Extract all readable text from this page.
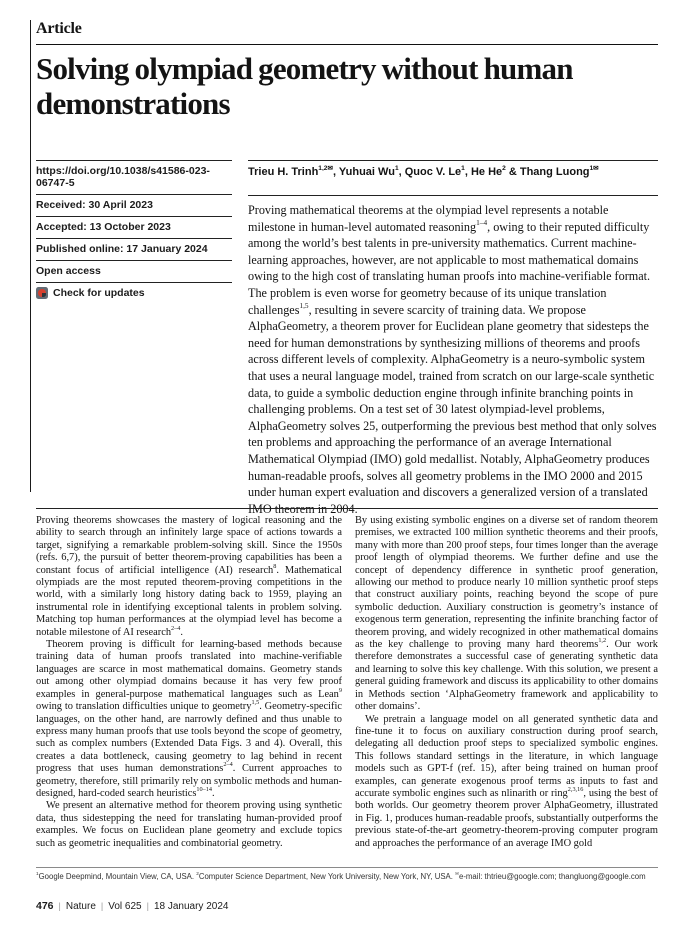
Article
Solving olympiad geometry without human demonstrations
https://doi.org/10.1038/s41586-023-06747-5
Received: 30 April 2023
Accepted: 13 October 2023
Published online: 17 January 2024
Open access
Check for updates
Trieu H. Trinh$^{1,2✉}$, Yuhuai Wu$^1$, Quoc V. Le$^1$, He He$^2$ & Thang Luong$^{1✉}$
Proving mathematical theorems at the olympiad level represents a notable milestone in human-level automated reasoning$^{1-4}$, owing to their reputed difficulty among the world’s best talents in pre-university mathematics. Current machine-learning approaches, however, are not applicable to most mathematical domains owing to the high cost of translating human proofs into machine-verifiable format. The problem is even worse for geometry because of its unique translation challenges$^{1,5}$, resulting in severe scarcity of training data. We propose AlphaGeometry, a theorem prover for Euclidean plane geometry that sidesteps the need for human demonstrations by synthesizing millions of theorems and proofs across different levels of complexity. AlphaGeometry is a neuro-symbolic system that uses a neural language model, trained from scratch on our large-scale synthetic data, to guide a symbolic deduction engine through infinite branching points in challenging problems. On a test set of 30 latest olympiad-level problems, AlphaGeometry solves 25, outperforming the previous best method that only solves ten problems and approaching the performance of an average International Mathematical Olympiad (IMO) gold medallist. Notably, AlphaGeometry produces human-readable proofs, solves all geometry problems in the IMO 2000 and 2015 under human expert evaluation and discovers a generalized version of a translated IMO theorem in 2004.

Proving theorems showcases the mastery of logical reasoning and the ability to search through an infinitely large space of actions towards a target, signifying a remarkable problem-solving skill. Since the 1950s (refs. 6,7), the pursuit of better theorem-proving capabilities has been a constant focus of artificial intelligence (AI) research$^8$. Mathematical olympiads are the most reputed theorem-proving competitions in the world, with a similarly long history dating back to 1959, playing an instrumental role in identifying exceptional talents in problem solving. Matching top human performances at the olympiad level has become a notable milestone of AI research$^{2-4}$.

Theorem proving is difficult for learning-based methods because training data of human proofs translated into machine-verifiable languages are scarce in most mathematical domains. Geometry stands out among other olympiad domains because it has very few proof examples in general-purpose mathematical languages such as Lean$^9$ owing to translation difficulties unique to geometry$^{1,5}$. Geometry-specific languages, on the other hand, are narrowly defined and thus unable to express many human proofs that use tools beyond the scope of geometry, such as complex numbers (Extended Data Figs. 3 and 4). Overall, this creates a data bottleneck, causing geometry to lag behind in recent progress that uses human demonstrations$^{2-4}$. Current approaches to geometry, therefore, still primarily rely on symbolic methods and human-designed, hard-coded search heuristics$^{10-14}$.

We present an alternative method for theorem proving using synthetic data, thus sidestepping the need for translating human-provided proof examples. We focus on Euclidean plane geometry and exclude topics such as geometric inequalities and combinatorial geometry.

By using existing symbolic engines on a diverse set of random theorem premises, we extracted 100 million synthetic theorems and their proofs, many with more than 200 proof steps, four times longer than the average proof length of olympiad theorems. We further define and use the concept of dependency difference in synthetic proof generation, allowing our method to produce nearly 10 million synthetic proof steps that construct auxiliary points, reaching beyond the scope of pure symbolic deduction. Auxiliary construction is geometry’s instance of exogenous term generation, representing the infinite branching factor of theorem proving, and widely recognized in other mathematical domains as the key challenge to proving many hard theorems$^{1,2}$. Our work therefore demonstrates a successful case of generating synthetic data and learning to solve this key challenge. With this solution, we present a general guiding framework and discuss its applicability to other domains in Methods section ‘AlphaGeometry framework and applicability to other domains’.

We pretrain a language model on all generated synthetic data and fine-tune it to focus on auxiliary construction during proof search, delegating all deduction proof steps to specialized symbolic engines. This follows standard settings in the literature, in which language models such as GPT-f (ref. 15), after being trained on human proof examples, can generate exogenous proof terms as inputs to fast and accurate symbolic engines such as nlinarith or ring$^{2,3,16}$, using the best of both worlds. Our geometry theorem prover AlphaGeometry, illustrated in Fig. 1, produces human-readable proofs, substantially outperforms the previous state-of-the-art geometry-theorem-proving computer program and approaches the performance of an average IMO gold

$^1$Google Deepmind, Mountain View, CA, USA. $^2$Computer Science Department, New York University, New York, NY, USA. ✉e-mail: thtrieu@google.com; thangluong@google.com
476 | Nature | Vol 625 | 18 January 2024
